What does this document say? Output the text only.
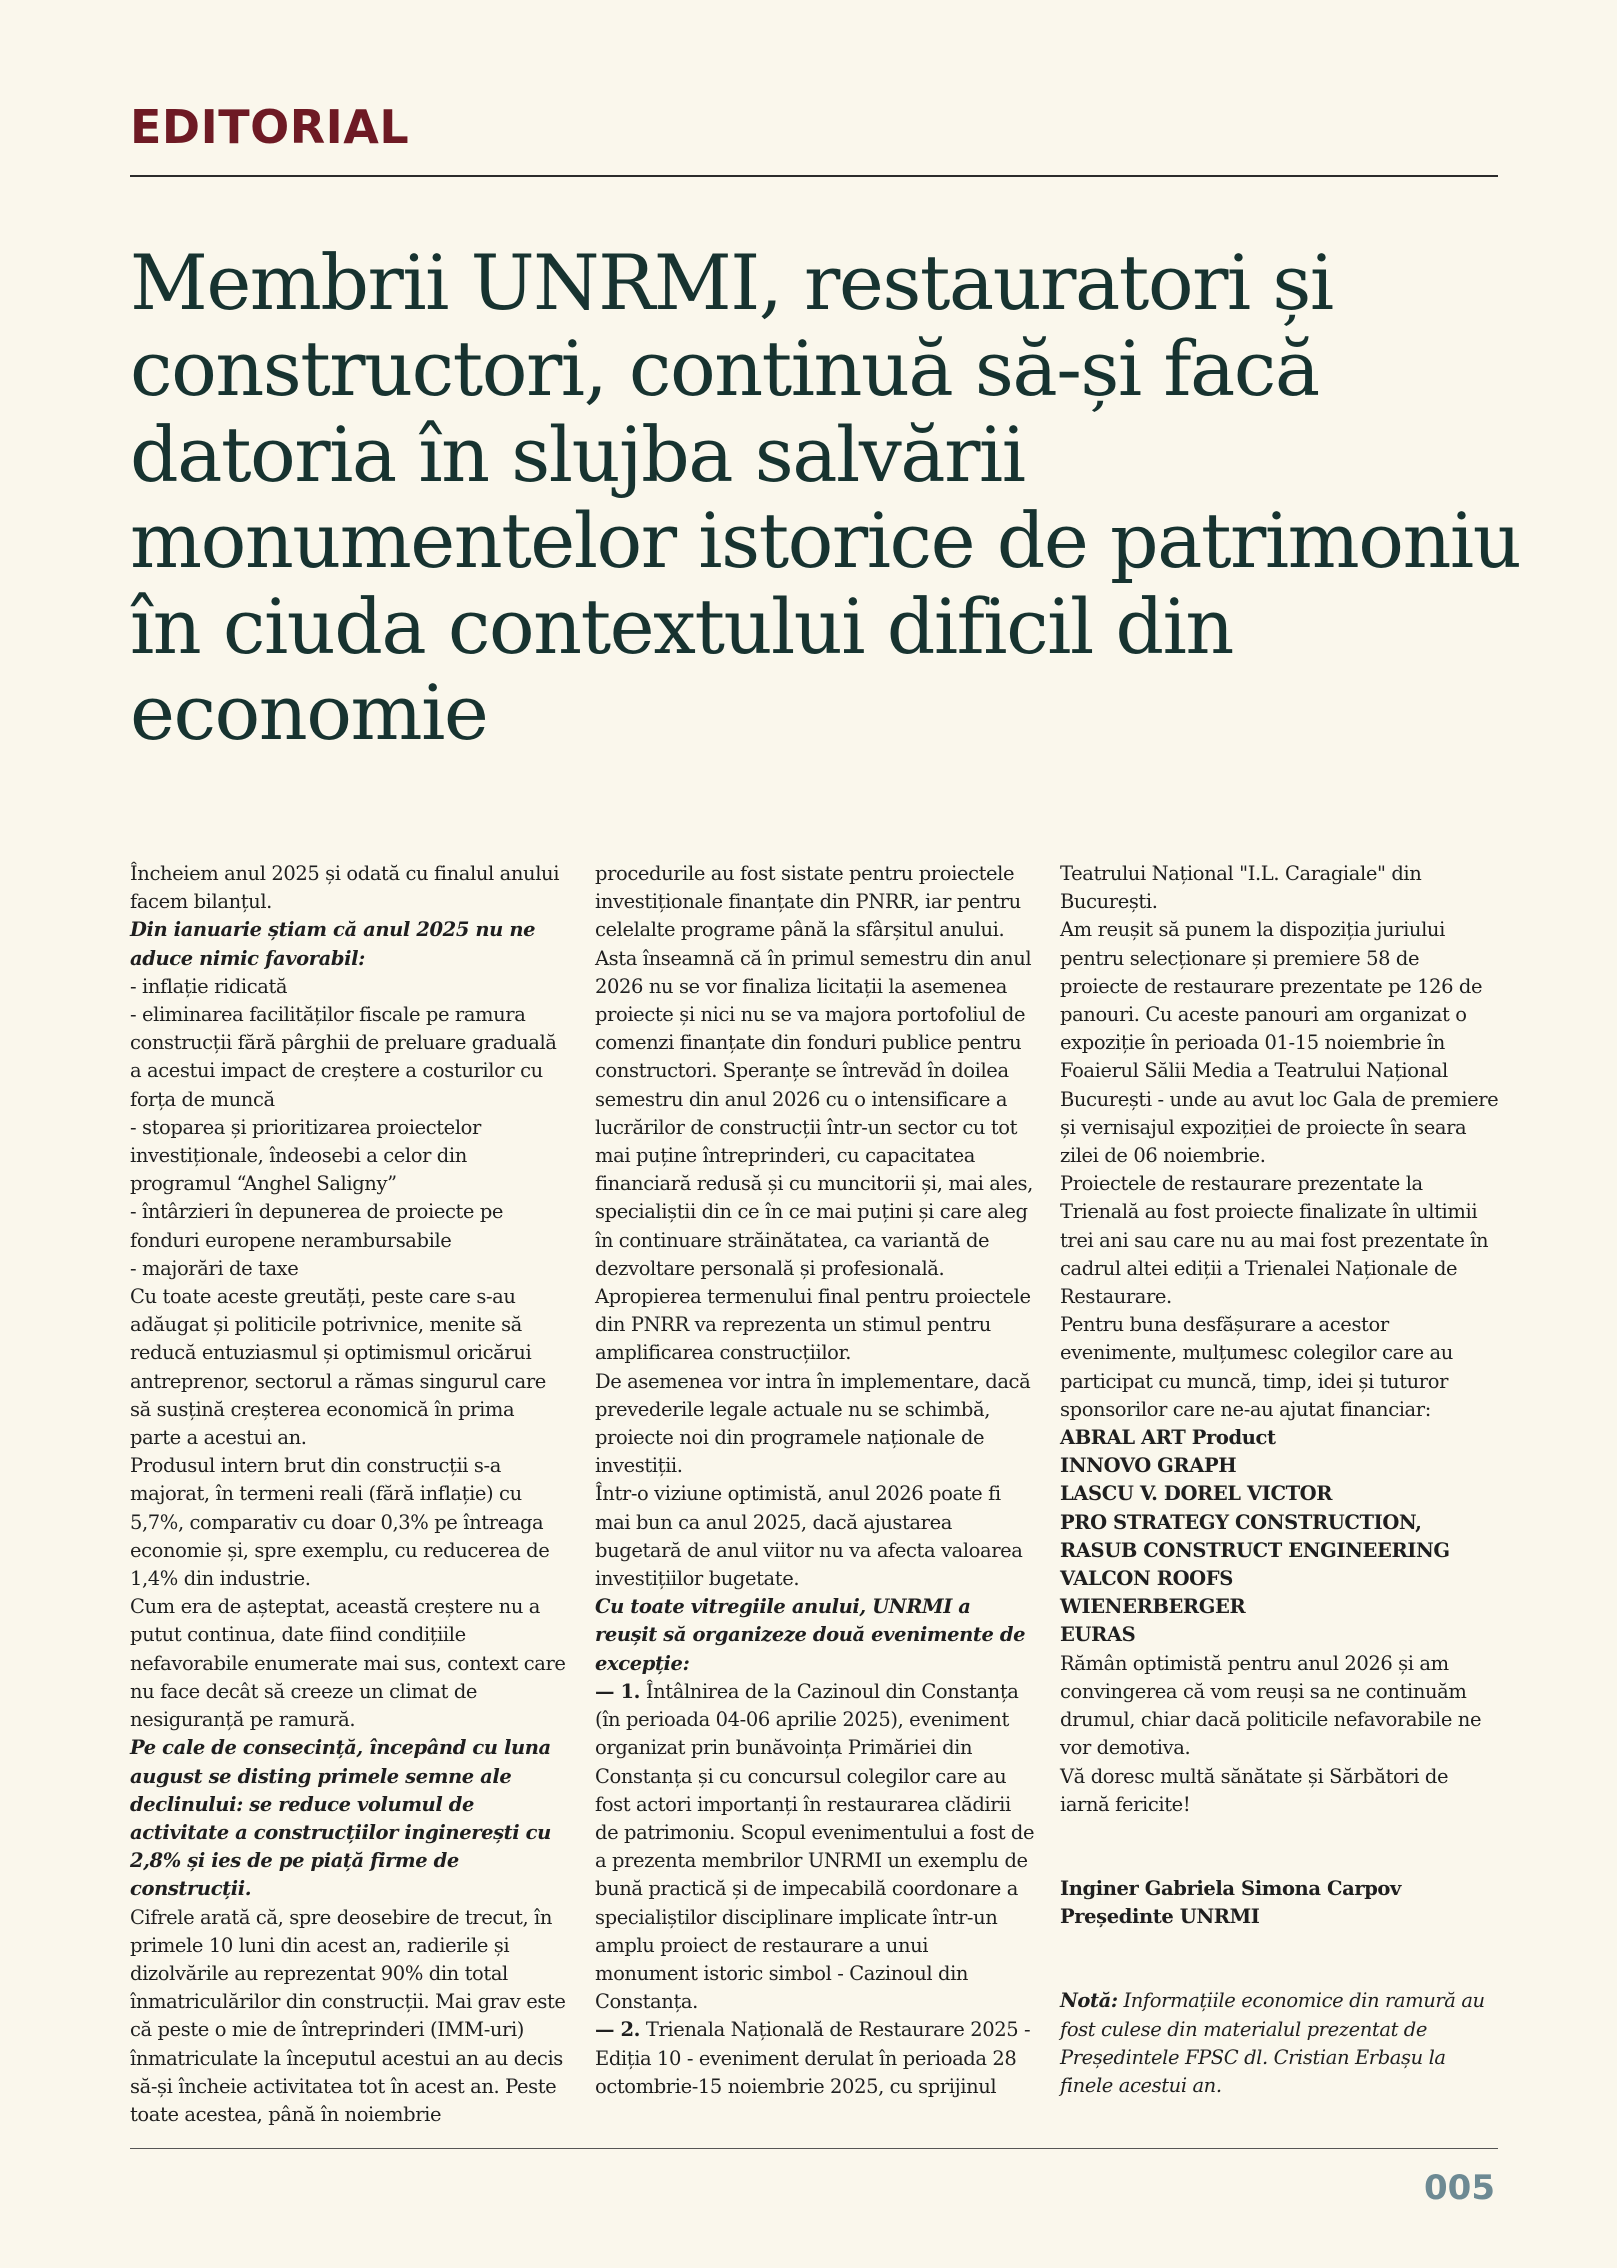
EDITORIAL
Membrii UNRMI, restauratori și constructori, continuă să-și facă datoria în slujba salvării monumentelor istorice de patrimoniu în ciuda contextului dificil din economie

Încheiem anul 2025 și odată cu finalul anului facem bilanțul.

Din ianuarie știam că anul 2025 nu ne aduce nimic favorabil:

- inflație ridicată

- eliminarea facilităților fiscale pe ramura construcții fără pârghii de preluare graduală a acestui impact de creștere a costurilor cu forța de muncă

- stoparea și prioritizarea proiectelor investiționale, îndeosebi a celor din programul “Anghel Saligny”

- întârzieri în depunerea de proiecte pe fonduri europene nerambursabile

- majorări de taxe

Cu toate aceste greutăți, peste care s-au adăugat și politicile potrivnice, menite să reducă entuziasmul și optimismul oricărui antreprenor, sectorul a rămas singurul care să susțină creșterea economică în prima parte a acestui an.

Produsul intern brut din construcții s-a majorat, în termeni reali (fără inflație) cu 5,7%, comparativ cu doar 0,3% pe întreaga economie și, spre exemplu, cu reducerea de 1,4% din industrie.

Cum era de așteptat, această creștere nu a putut continua, date fiind condițiile nefavorabile enumerate mai sus, context care nu face decât să creeze un climat de nesiguranță pe ramură.

Pe cale de consecință, începând cu luna august se disting primele semne ale declinului: se reduce volumul de activitate a construcțiilor inginerești cu 2,8% și ies de pe piață firme de construcții.

Cifrele arată că, spre deosebire de trecut, în primele 10 luni din acest an, radierile și dizolvările au reprezentat 90% din total înmatriculărilor din construcții. Mai grav este că peste o mie de întreprinderi (IMM-uri) înmatriculate la începutul acestui an au decis să-și încheie activitatea tot în acest an. Peste toate acestea, până în noiembrie

procedurile au fost sistate pentru proiectele investiționale finanțate din PNRR, iar pentru celelalte programe până la sfârșitul anului.

Asta înseamnă că în primul semestru din anul 2026 nu se vor finaliza licitații la asemenea proiecte și nici nu se va majora portofoliul de comenzi finanțate din fonduri publice pentru constructori. Speranțe se întrevăd în doilea semestru din anul 2026 cu o intensificare a lucrărilor de construcții într-un sector cu tot mai puține întreprinderi, cu capacitatea financiară redusă și cu muncitorii și, mai ales, specialiștii din ce în ce mai puțini și care aleg în continuare străinătatea, ca variantă de dezvoltare personală și profesională.

Apropierea termenului final pentru proiectele din PNRR va reprezenta un stimul pentru amplificarea construcțiilor.

De asemenea vor intra în implementare, dacă prevederile legale actuale nu se schimbă, proiecte noi din programele naționale de investiții.

Într-o viziune optimistă, anul 2026 poate fi mai bun ca anul 2025, dacă ajustarea bugetară de anul viitor nu va afecta valoarea investițiilor bugetate.

Cu toate vitregiile anului, UNRMI a reușit să organizeze două evenimente de excepție:

— 1. Întâlnirea de la Cazinoul din Constanța (în perioada 04-06 aprilie 2025), eveniment organizat prin bunăvoința Primăriei din Constanța și cu concursul colegilor care au fost actori importanți în restaurarea clădirii de patrimoniu. Scopul evenimentului a fost de a prezenta membrilor UNRMI un exemplu de bună practică și de impecabilă coordonare a specialiștilor disciplinare implicate într-un amplu proiect de restaurare a unui monument istoric simbol - Cazinoul din Constanța.

— 2. Trienala Națională de Restaurare 2025 - Ediția 10 - eveniment derulat în perioada 28 octombrie-15 noiembrie 2025, cu sprijinul

Teatrului Național "I.L. Caragiale" din București.

Am reușit să punem la dispoziția juriului pentru selecționare și premiere 58 de proiecte de restaurare prezentate pe 126 de panouri. Cu aceste panouri am organizat o expoziție în perioada 01-15 noiembrie în Foaierul Sălii Media a Teatrului Național București - unde au avut loc Gala de premiere și vernisajul expoziției de proiecte în seara zilei de 06 noiembrie.

Proiectele de restaurare prezentate la Trienală au fost proiecte finalizate în ultimii trei ani sau care nu au mai fost prezentate în cadrul altei ediții a Trienalei Naționale de Restaurare.

Pentru buna desfășurare a acestor evenimente, mulțumesc colegilor care au participat cu muncă, timp, idei și tuturor sponsorilor care ne-au ajutat financiar:

ABRAL ART Product

INNOVO GRAPH

LASCU V. DOREL VICTOR

PRO STRATEGY CONSTRUCTION,

RASUB CONSTRUCT ENGINEERING

VALCON ROOFS

WIENERBERGER

EURAS

Rămân optimistă pentru anul 2026 și am convingerea că vom reuși sa ne continuăm drumul, chiar dacă politicile nefavorabile ne vor demotiva.

Vă doresc multă sănătate și Sărbători de iarnă fericite!

Inginer Gabriela Simona Carpov

Președinte UNRMI

Notă: Informațiile economice din ramură au fost culese din materialul prezentat de Președintele FPSC dl. Cristian Erbașu la finele acestui an.

005
